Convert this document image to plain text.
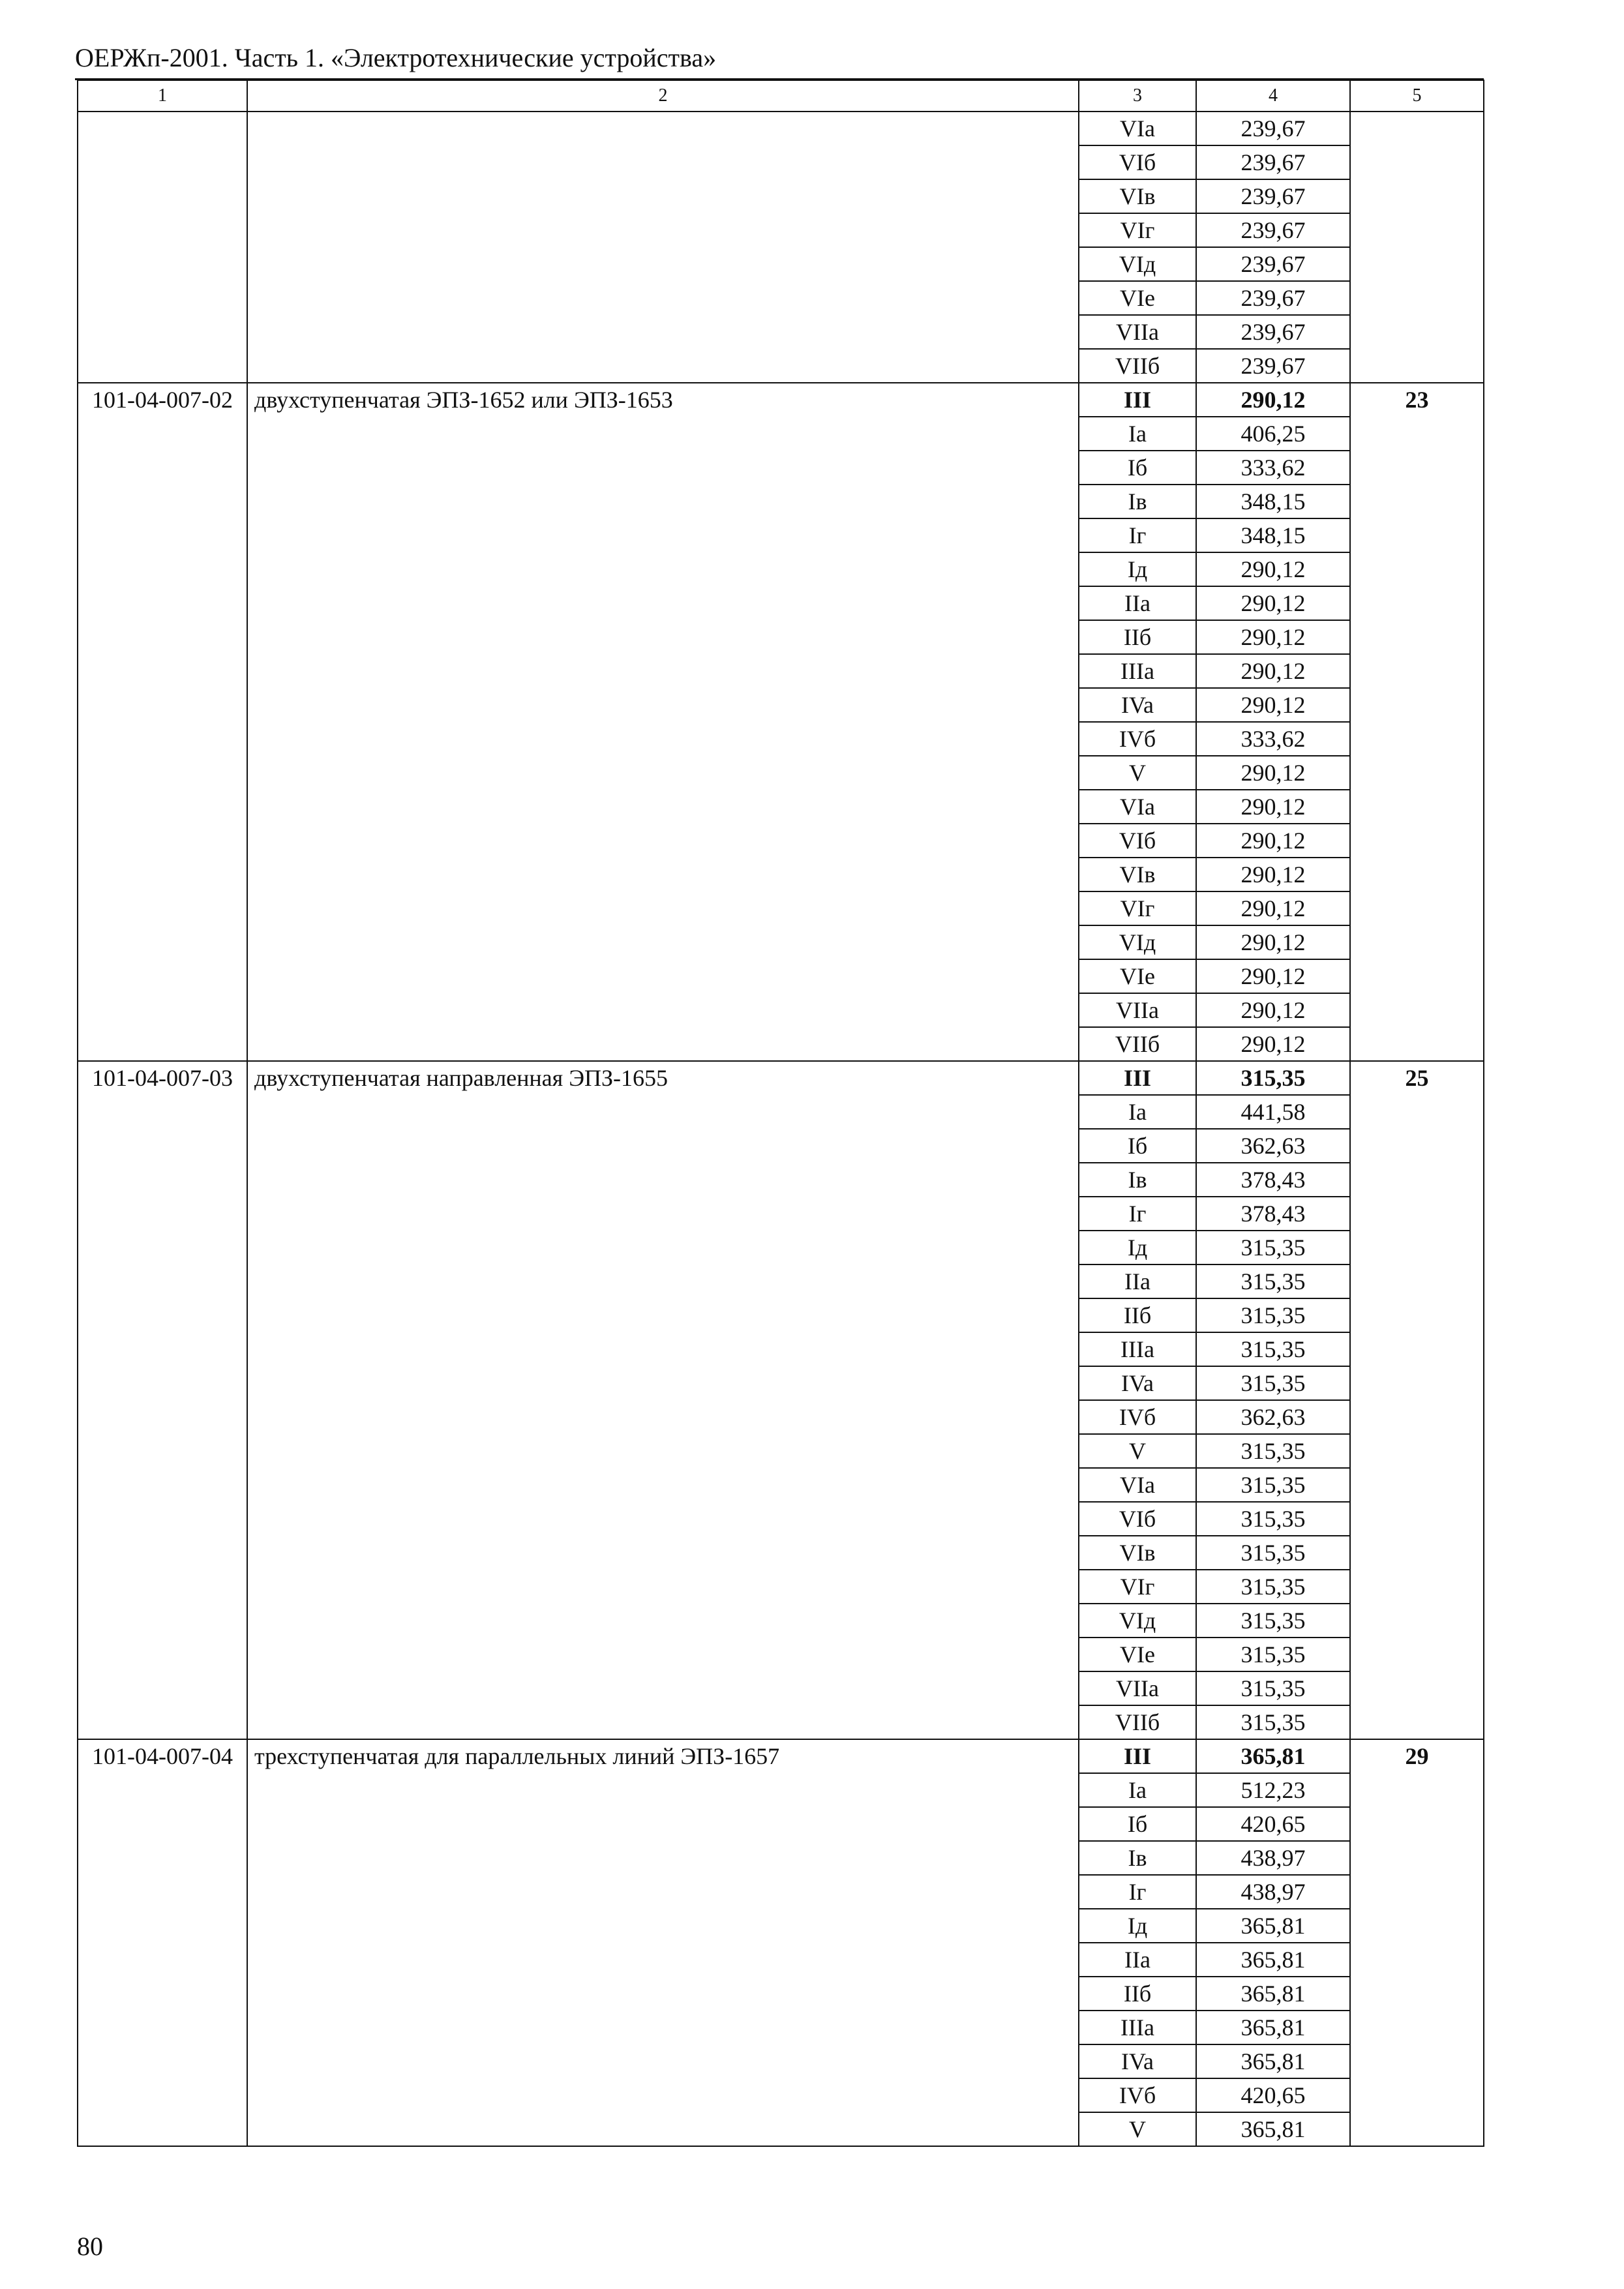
ОЕРЖп-2001. Часть 1. «Электротехнические устройства»
1	2	3	4	5
		VIa	239,67	
		VIб	239,67	
		VIв	239,67	
		VIг	239,67	
		VIд	239,67	
		VIe	239,67	
		VIIa	239,67	
		VIIб	239,67	
101-04-007-02	двухступенчатая ЭПЗ-1652 или ЭПЗ-1653	III	290,12	23
		Ia	406,25	
		Iб	333,62	
		Iв	348,15	
		Iг	348,15	
		Iд	290,12	
		IIa	290,12	
		IIб	290,12	
		IIIa	290,12	
		IVa	290,12	
		IVб	333,62	
		V	290,12	
		VIa	290,12	
		VIб	290,12	
		VIв	290,12	
		VIг	290,12	
		VIд	290,12	
		VIe	290,12	
		VIIa	290,12	
		VIIб	290,12	
101-04-007-03	двухступенчатая направленная ЭПЗ-1655	III	315,35	25
		Ia	441,58	
		Iб	362,63	
		Iв	378,43	
		Iг	378,43	
		Iд	315,35	
		IIa	315,35	
		IIб	315,35	
		IIIa	315,35	
		IVa	315,35	
		IVб	362,63	
		V	315,35	
		VIa	315,35	
		VIб	315,35	
		VIв	315,35	
		VIг	315,35	
		VIд	315,35	
		VIe	315,35	
		VIIa	315,35	
		VIIб	315,35	
101-04-007-04	трехступенчатая для параллельных линий ЭПЗ-1657	III	365,81	29
		Ia	512,23	
		Iб	420,65	
		Iв	438,97	
		Iг	438,97	
		Iд	365,81	
		IIa	365,81	
		IIб	365,81	
		IIIa	365,81	
		IVa	365,81	
		IVб	420,65	
		V	365,81	
80
